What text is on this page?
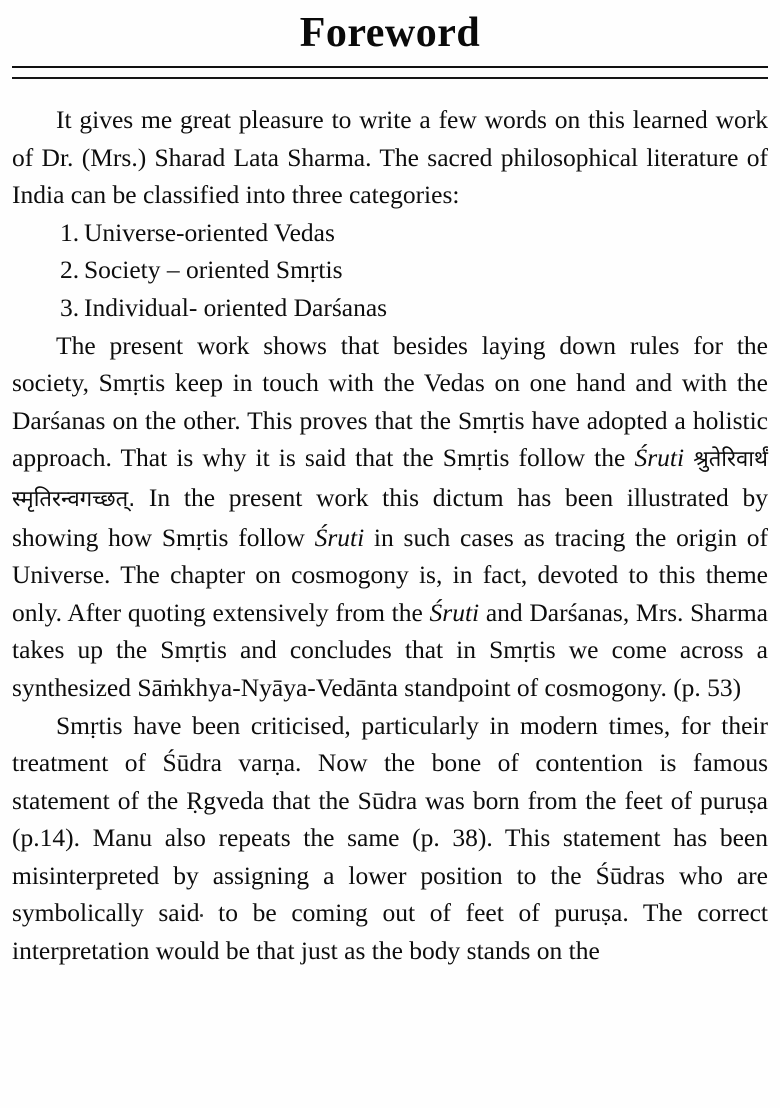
Foreword

It gives me great pleasure to write a few words on this learned work of Dr. (Mrs.) Sharad Lata Sharma. The sacred philosophical literature of India can be classified into three categories:

1. Universe-oriented Vedas
2. Society – oriented Smṛtis
3. Individual- oriented Darśanas

The present work shows that besides laying down rules for the society, Smṛtis keep in touch with the Vedas on one hand and with the Darśanas on the other. This proves that the Smṛtis have adopted a holistic approach. That is why it is said that the Smṛtis follow the Śruti श्रुतेरिवार्थं स्मृतिरन्वगच्छत्. In the present work this dictum has been illustrated by showing how Smṛtis follow Śruti in such cases as tracing the origin of Universe. The chapter on cosmogony is, in fact, devoted to this theme only. After quoting extensively from the Śruti and Darśanas, Mrs. Sharma takes up the Smṛtis and concludes that in Smṛtis we come across a synthesized Sāṁkhya-Nyāya-Vedānta standpoint of cosmogony. (p. 53)

Smṛtis have been criticised, particularly in modern times, for their treatment of Śūdra varṇa. Now the bone of contention is famous statement of the Ṛgveda that the Sūdra was born from the feet of puruṣa (p.14). Manu also repeats the same (p. 38). This statement has been misinterpreted by assigning a lower position to the Śūdras who are symbolically said to be coming out of feet of puruṣa. The correct interpretation would be that just as the body stands on the
